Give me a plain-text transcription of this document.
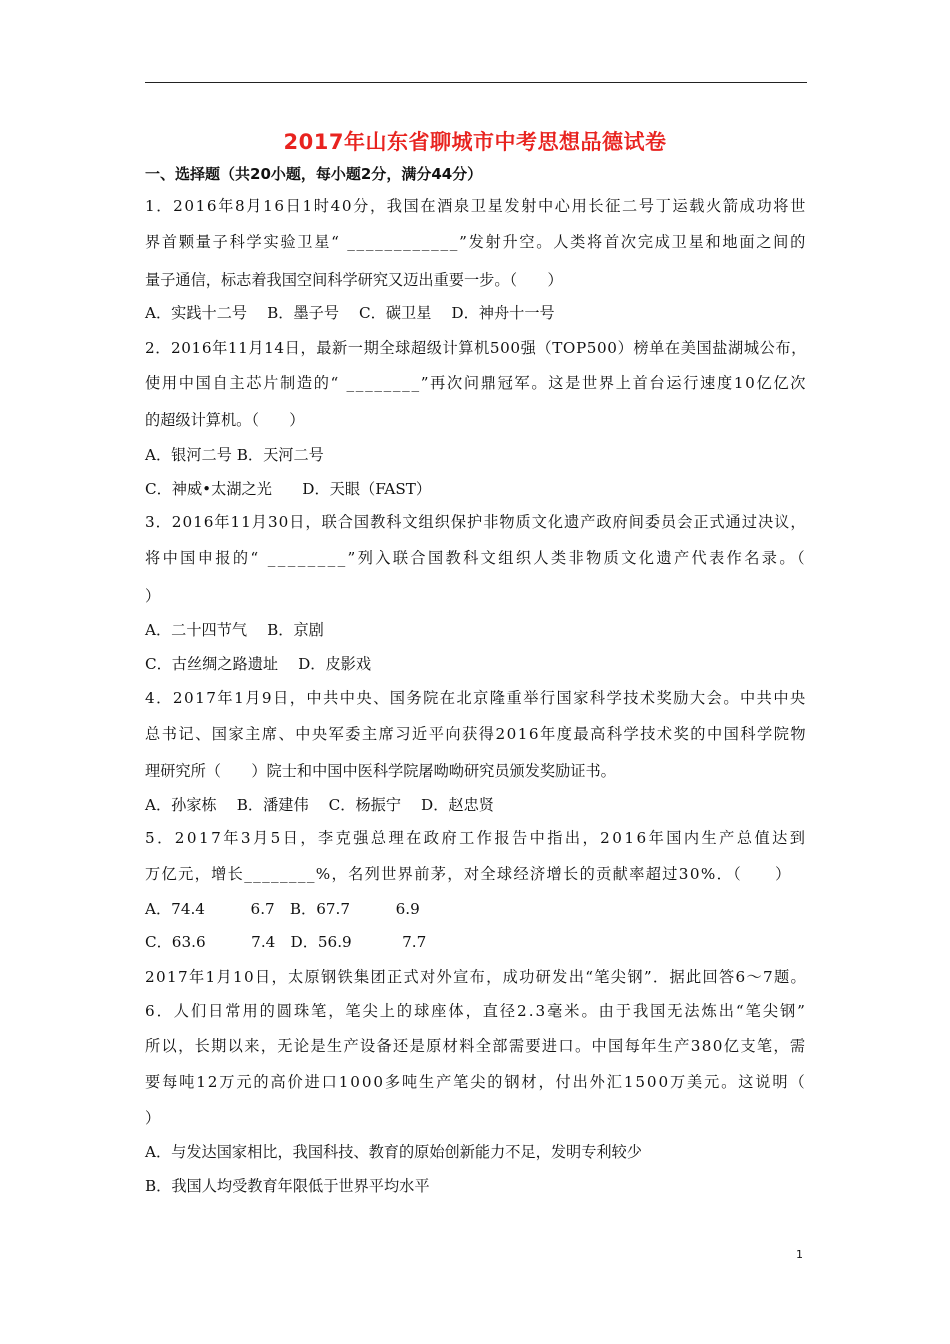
2017年山东省聊城市中考思想品德试卷
一、选择题（共20小题，每小题2分，满分44分）
1．2016年8月16日1时40分，我国在酒泉卫星发射中心用长征二号丁运载火箭成功将世
界首颗量子科学实验卫星“ ____________”发射升空。人类将首次完成卫星和地面之间的
量子通信，标志着我国空间科学研究又迈出重要一步。（　　）
A．实践十二号　 B．墨子号　 C．碳卫星　 D．神舟十一号
2．2016年11月14日，最新一期全球超级计算机500强（TOP500）榜单在美国盐湖城公布，
使用中国自主芯片制造的“ ________”再次问鼎冠军。这是世界上首台运行速度10亿亿次
的超级计算机。（　　）
A．银河二号 B．天河二号
C．神威•太湖之光　　D．天眼（FAST）
3．2016年11月30日，联合国教科文组织保护非物质文化遗产政府间委员会正式通过决议，
将中国申报的“ ________”列入联合国教科文组织人类非物质文化遗产代表作名录。（
）
A．二十四节气　 B．京剧
C．古丝绸之路遗址　 D．皮影戏
4．2017年1月9日，中共中央、国务院在北京隆重举行国家科学技术奖励大会。中共中央
总书记、国家主席、中央军委主席习近平向获得2016年度最高科学技术奖的中国科学院物
理研究所（　　）院士和中国中医科学院屠呦呦研究员颁发奖励证书。
A．孙家栋　 B．潘建伟　 C．杨振宁　 D．赵忠贤
5．2017年3月5日，李克强总理在政府工作报告中指出，2016年国内生产总值达到
万亿元，增长________%，名列世界前茅，对全球经济增长的贡献率超过30%．（　　）
A．74.4　　　6.7　B．67.7　　　6.9
C．63.6　　　7.4　D．56.9　　　 7.7
2017年1月10日，太原钢铁集团正式对外宣布，成功研发出“笔尖钢”．据此回答6～7题。
6．人们日常用的圆珠笔，笔尖上的球座体，直径2.3毫米。由于我国无法炼出“笔尖钢”
所以，长期以来，无论是生产设备还是原材料全部需要进口。中国每年生产380亿支笔，需
要每吨12万元的高价进口1000多吨生产笔尖的钢材，付出外汇1500万美元。这说明（
）
A．与发达国家相比，我国科技、教育的原始创新能力不足，发明专利较少
B．我国人均受教育年限低于世界平均水平
1
